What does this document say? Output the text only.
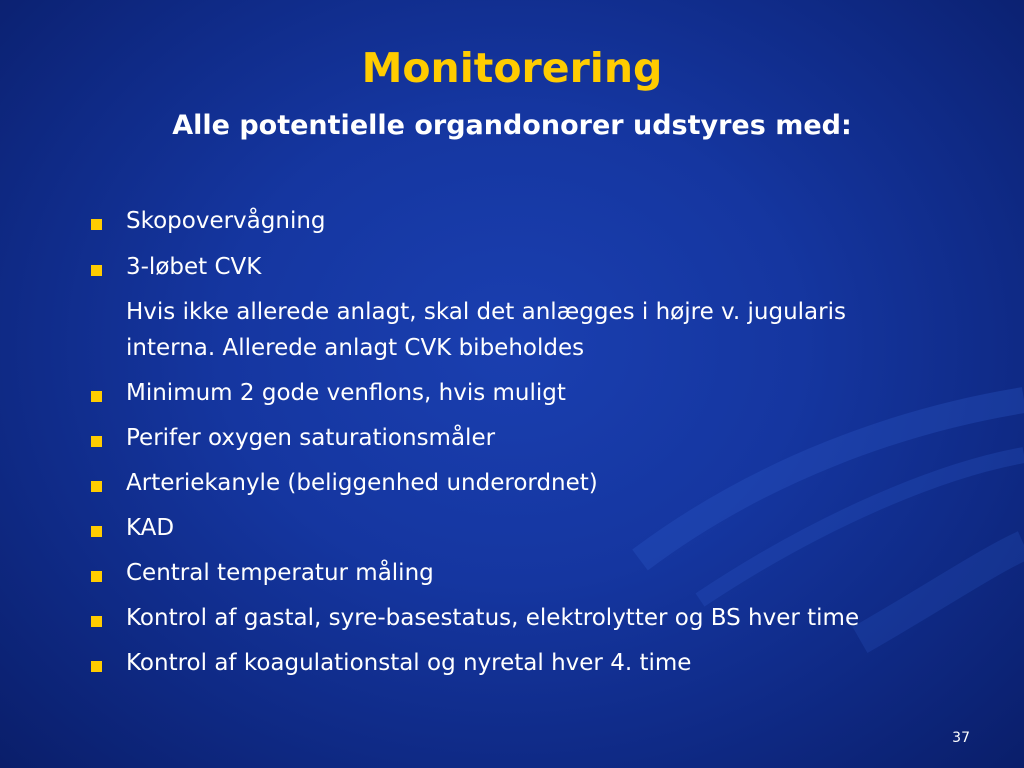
Monitorering
Alle potentielle organdonorer udstyres med:
Skopovervågning
3-løbet CVK
Hvis ikke allerede anlagt, skal det anlægges i højre v. jugularis
interna. Allerede anlagt CVK bibeholdes
Minimum 2 gode venflons, hvis muligt
Perifer oxygen saturationsmåler
Arteriekanyle (beliggenhed underordnet)
KAD
Central temperatur måling
Kontrol af gastal, syre-basestatus, elektrolytter og BS hver time
Kontrol af koagulationstal og nyretal hver 4. time
37
